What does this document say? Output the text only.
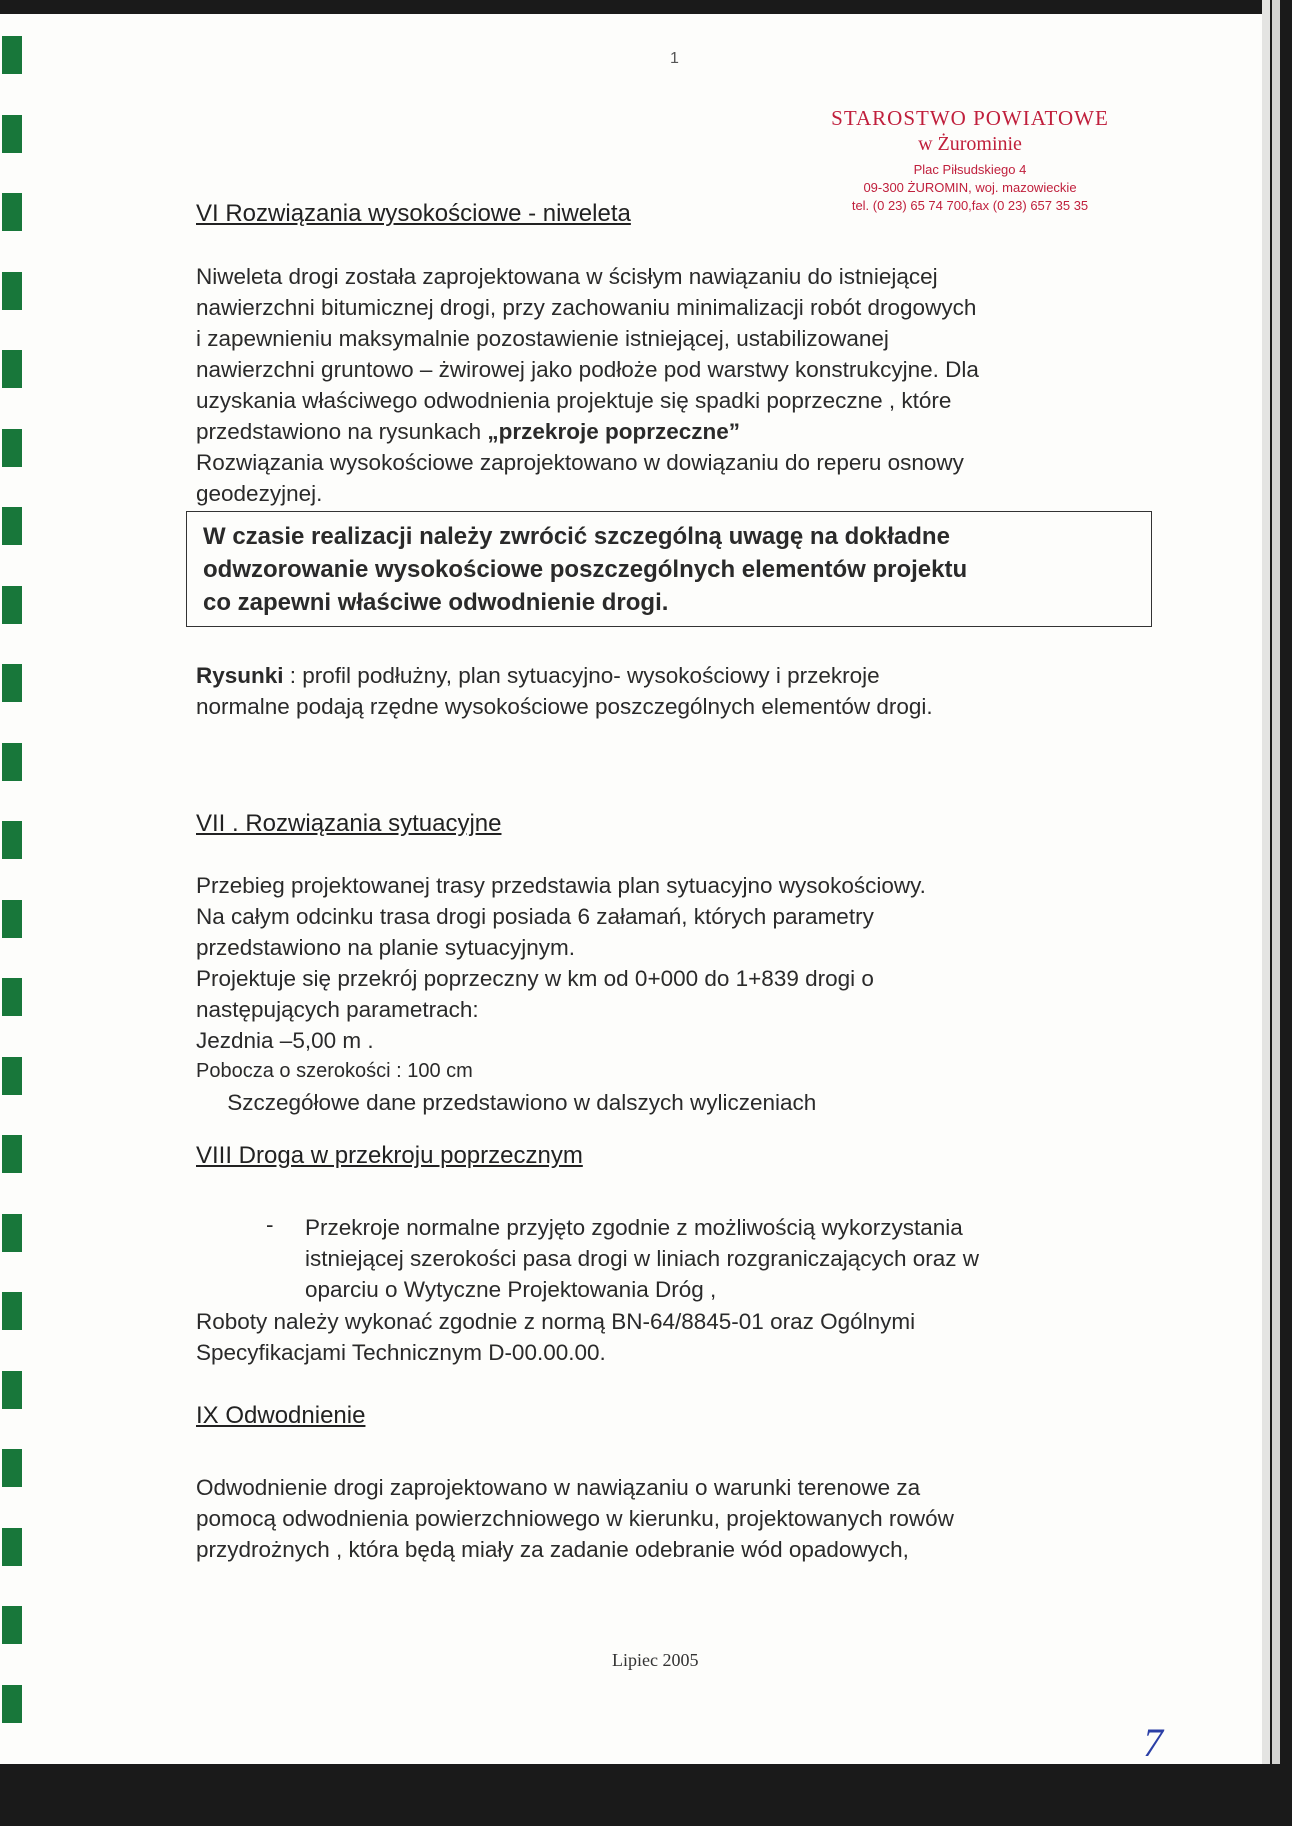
1
STAROSTWO POWIATOWE
w Żurominie
Plac Piłsudskiego 4
09-300 ŻUROMIN, woj. mazowieckie
tel. (0 23) 65 74 700,fax (0 23) 657 35 35
VI Rozwiązania wysokościowe - niweleta

Niweleta drogi została zaprojektowana w ścisłym nawiązaniu do istniejącej
nawierzchni bitumicznej drogi, przy zachowaniu minimalizacji robót drogowych
i zapewnieniu maksymalnie pozostawienie istniejącej, ustabilizowanej
nawierzchni gruntowo – żwirowej jako podłoże pod warstwy konstrukcyjne. Dla
uzyskania właściwego odwodnienia projektuje się spadki poprzeczne , które
przedstawiono na rysunkach „przekroje poprzeczne”

Rozwiązania wysokościowe zaprojektowano w dowiązaniu do reperu osnowy
geodezyjnej.

W czasie realizacji należy zwrócić szczególną uwagę na dokładne
odwzorowanie wysokościowe poszczególnych elementów projektu
co zapewni właściwe odwodnienie drogi.

Rysunki : profil podłużny, plan sytuacyjno- wysokościowy i przekroje
normalne podają rzędne wysokościowe poszczególnych elementów drogi.

VII . Rozwiązania sytuacyjne

Przebieg projektowanej trasy przedstawia plan sytuacyjno wysokościowy.
Na całym odcinku trasa drogi posiada 6 załamań, których parametry
przedstawiono na planie sytuacyjnym.
Projektuje się przekrój poprzeczny w km od 0+000 do 1+839 drogi o
następujących parametrach:
Jezdnia –5,00 m .
Pobocza o szerokości : 100 cm
Szczegółowe dane przedstawiono w dalszych wyliczeniach

VIII Droga w przekroju poprzecznym
- Przekroje normalne przyjęto zgodnie z możliwością wykorzystania
istniejącej szerokości pasa drogi w liniach rozgraniczających oraz w
oparciu o Wytyczne Projektowania Dróg ,

Roboty należy wykonać zgodnie z normą BN-64/8845-01 oraz Ogólnymi
Specyfikacjami Technicznym D-00.00.00.

IX Odwodnienie

Odwodnienie drogi zaprojektowano w nawiązaniu o warunki terenowe za
pomocą odwodnienia powierzchniowego w kierunku, projektowanych rowów
przydrożnych , która będą miały za zadanie odebranie wód opadowych,

Lipiec 2005
7
